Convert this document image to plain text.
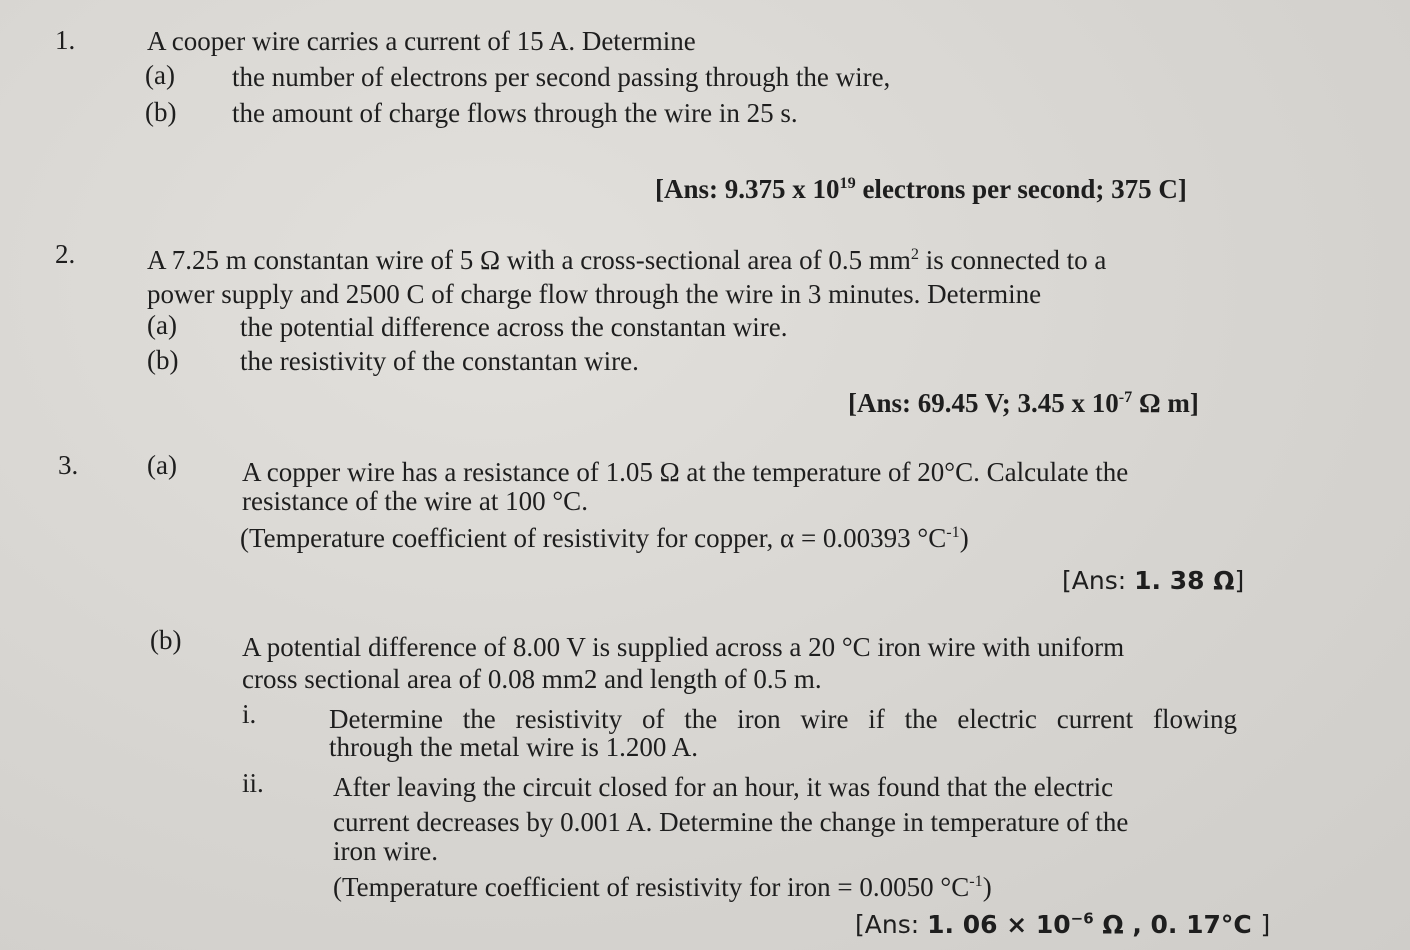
1.	A cooper wire carries a current of 15 A. Determine
(a) the number of electrons per second passing through the wire,
(b) the amount of charge flows through the wire in 25 s.
[Ans: 9.375 x $10^{19}$ electrons per second; 375 C]
2.	A 7.25 m constantan wire of 5 Ω with a cross-sectional area of 0.5 $mm^2$ is connected to a
power supply and 2500 C of charge flow through the wire in 3 minutes. Determine
(a) the potential difference across the constantan wire.
(b) the resistivity of the constantan wire.
[Ans: 69.45 V; 3.45 x $10^{-7}$ Ω m]
3.	(a) A copper wire has a resistance of 1.05 Ω at the temperature of 20°C. Calculate the
resistance of the wire at 100 °C.
(Temperature coefficient of resistivity for copper, α = 0.00393 $^\circ C^{-1}$)
[Ans: 1. 38 Ω]
(b) A potential difference of 8.00 V is supplied across a 20 °C iron wire with uniform
cross sectional area of 0.08 mm2 and length of 0.5 m.
i.	Determine the resistivity of the iron wire if the electric current flowing
through the metal wire is 1.200 A.
ii.	After leaving the circuit closed for an hour, it was found that the electric
current decreases by 0.001 A. Determine the change in temperature of the
iron wire.
(Temperature coefficient of resistivity for iron = 0.0050 $^\circ C^{-1}$)
[Ans: 1. $06 \times 10^{-6}$ Ω , 0. 17°C ]
